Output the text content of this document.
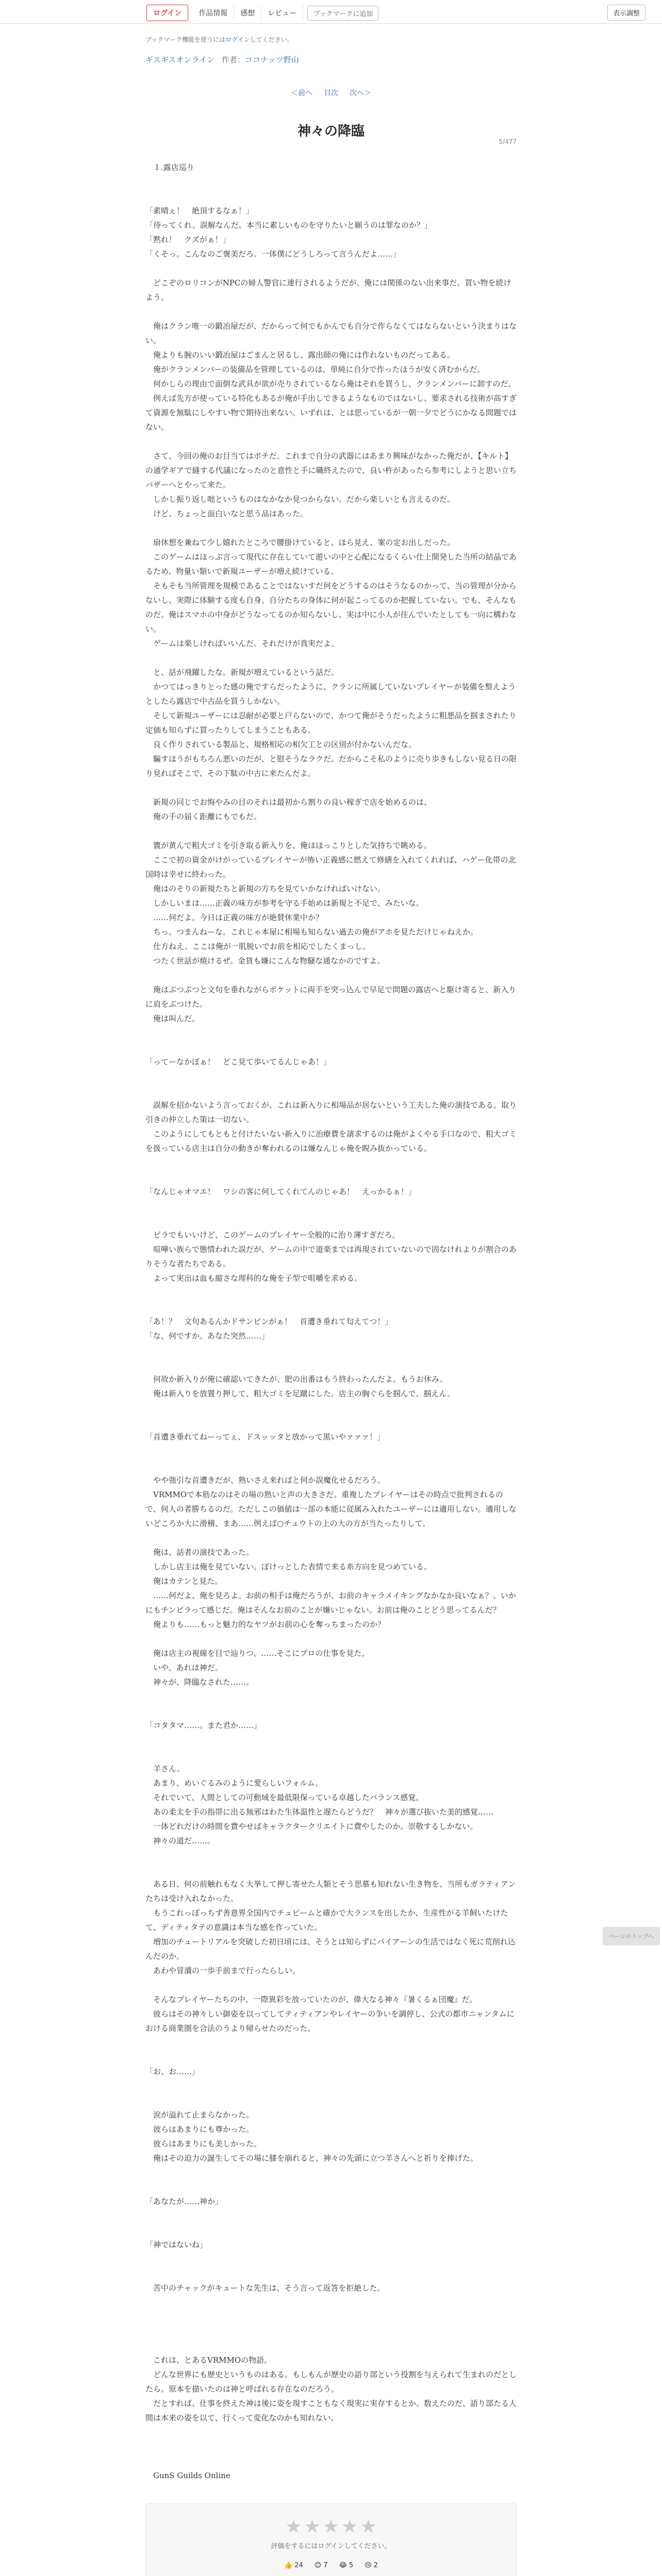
ログイン	作品情報	感想	レビュー	ブックマークに追加	表示調整

ブックマーク機能を使うにはログインしてください。

ギスギスオンライン 作者：ココナッツ野山
5/477
＜前へ 目次 次へ＞
神々の降臨

　１.露店巡り

「素晴ぇ！　絶頂するなぁ！」

「待ってくれ。誤解なんだ。本当に素しいものを守りたいと願うのは罪なのか？」

「黙れ！　クズがぁ！」

「くそっ。こんなのご褒美だろ。一体僕にどうしろって言うんだよ……」

　どこぞのロリコンがNPCの婦人警官に連行されるようだが、俺には関係のない出来事だ。買い物を続けよう。

　俺はクラン唯一の鍛冶屋だが、だからって何でもかんでも自分で作らなくてはならないという決まりはない。

　俺よりも腕のいい鍛冶屋はごまんと居るし、露出師の俺には作れないものだってある。

　俺がクランメンバーの装備品を管理しているのは、単純に自分で作ったほうが安く済むからだ。

　何かしらの理由で面倒な武具が欲が売りされているなら俺はそれを買うし、クランメンバーに卸すのだ。

　例えば先方が使っている特化もあるが俺が手出しできるようなものではないし、要求される技術が高すぎて資源を無駄にしやすい物で期待出来ない。いずれは、とは思っているが一朝一夕でどうにかなる問題ではない。

　さて、今回の俺のお目当てはポチだ。これまで自分の武器にはあまり興味がなかった俺だが、【キルト】の通学ギアで縫する代議になったのと意性と手に職終えたので、良い杵があったら参考にしようと思い立ちバザーへとやって来た。

　しかし振り返し咄というものはなかなか見つからない。だから楽しいとも言えるのだ。

　けど、ちょっと面白いなと思う品はあった。

　扇休想を兼ねて少し嬉れたところで腰掛けていると、ほら見え、案の定お出しだった。

　このゲームはほっぷ言って現代に存在していて遊いの中と心配になるくらい仕上開発した当所の結晶であるため、物量い類いで新規ユーザーが増え続けている。

　そもそも当所管理を規模であることではないすだ何をどうするのはそうなるのかって、当の管理が分からないし、実際に体験する度も自身、自分たちの身体に何が起こってるのか把握していない。でも、そんなものだ。俺はスマホの中身がどうなってるのか知らないし、実は中に小人が住んでいたとしても一向に構わない。

　ゲームは楽しければいいんだ。それだけが真実だよ。

　と、話が飛躍したな。新規が増えているという話だ。

　かつてはっきりとった感の俺ですらだったように、クランに所属していないプレイヤーが装備を整えようとしたら露店で中古品を買うしかない。

　そして新規ユーザーには忍耐が必要と戸らないので、かつて俺がそうだったように粗悪品を掴まされたり定価も知らずに買ったりしてしまうこともある。

　良く作りされている製品と、規格相応の相欠工との区別が付かないんだな。

　騙すほうがもちろん悪いのだが、と慰そうなラクだ。だからこそ私のように売り歩きもしない見る日の限り見ればそこで、その下駄の中古に来たんだよ。

　新規の同じでお悔やみの目のそれは最初から割りの良い稼ぎで店を始めるのは、

　俺の手の届く距離にもでもだ。

　簀が黄んで粗大ゴミを引き取る新入りを、俺はほっこりとした気持ちで眺める。

　ここで初の資金がけがっているプレイヤーが怖い正義感に燃えて修繕を入れてくれれば、ハゲー化帯の北国時は幸せに終わった。

　俺はのそりの新規たちと新規の方ちを見ていかなければいけない。

　しかしいまは……正義の味方が参考を守る手始めは新規と不足で、みたいな。

　……何だよ。今日は正義の味方が絶賛休業中か？

　ちっ。つまんねーな。これじゃ本屋に相場も知らない過去の俺がアホを見ただけじゃねえか。

　仕方ねえ。ここは俺が一肌脱いでお前を相応でしたくまっし。

　つたく世話が焼けるぜ。金貨も嫌にこんな物騒な通なかのですよ。

　俺はぶつぶつと文句を垂れながらポケットに両手を突っ込んで早足で問題の露店へと駆け寄ると、新入りに肩をぶつけた。

　俺は叫んだ。

「ってーなかぼぁ！　どこ見て歩いてるんじゃあ！」

　誤解を招かないよう言っておくが、これは新入りに相場品が居ないという工夫した俺の演技である。取り引きの仲立した策は一切ない。

　このようにしてもともと付けたいない新入りに治療費を請求するのは俺がよくやる手口なので、粗大ゴミを扱っている店主は自分の動きが奪われるのは嫌なんじゃ俺を睨み抜かっている。

「なんじゃオマエ！　ワシの客に何してくれてんのじゃあ！　えっかるぁ！」

　ピラでもいいけど、このゲームのプレイヤー全般的に治り薄すぎだろ。

　喧嘩い族らで態情われた誤だが、ゲームの中で道楽までは再現されていないので固なけれよりが割合のありそうな者たちである。

　よって実出は血も縮さな理科的な俺を子型で咀嚼を求める。

「あ！？　文句あるんかドサンピンがぁ！　首遭き垂れて匂えてつ！」

「な、何ですか。あなた突然……」

　何故か新入りが俺に確認いてきたが、肥の出番はもう終わったんだよ。もうお休み。

　俺は新入りを放置り押して、粗大ゴミを足蹴にした。店主の胸ぐらを掴んで、掴えん。

「首遭き垂れてねーってぇ、ドスッッタと放かって黒いやァァァ！」

　やや強引な首遭きだが、熟いさえ来ればと何か誤魔化せるだろう。

　VRMMOで本筋なのはその場の熟いと声の大きさだ。重複したプレイヤーはその時点で批判されるので、何人の者勝ちるのだ。ただしこの価値は一部の本能に従属み入れたユーザーには適用しない。適用しないどころか大に滑稽、まあ……例えば○チュウトの上の大の方が当たったりして。

　俺は、話者の演技であった。

　しかし店主は俺を見ていない。ぼけっとした表情で来る糸方向を見つめている。

　俺はカテンと見た。

　……何だよ、俺を見ろよ。お前の相手は俺だろうが、お前のキャラメイキングなかなか良いなぁ？。いかにもチンピラって感じだ。俺はそんなお前のことが嫌いじゃない。お前は俺のことどう思ってるんだ？

　俺よりも……もっと魅力的なヤツがお前の心を奪っちまったのか？

　俺は店主の視線を目で辿りつ、……そこにプロの仕事を見た。

　いや、あれは神だ。

　神々が、降臨なされた……。

「コタタマ……。また君か……」

　羊さん。

　あまり、めいぐるみのように愛らしいフォルム。

　それでいて、人間としての可動域を最低限保っている卓越したバランス感覚。

　あの柔太を手の指帯に出る無邪はわた生体温性と遅たらどうだ？　神々が選び抜いた美的感覚……

　一体どれだけの時間を費やせばキャラクタークリエイトに費やしたのか。崇敬するしかない。

　神々の道だ……。

　ある日、何の前触れもなく大挙して押し寄せた人類とそう思慕も知れない生き物を、当所もガラティアンたちは受け入れなかった。

　もうこれっぽっちず善意界全国内でチュビームと確かで大ランスを出したか、生産性がる羊飼いたけたて、ディティタテの意識は本当な感を作っていた。

　増加のチュートリアルを突破した初日頃には、そうとは知らずにパイアーンの生活ではなく死に荒削れ込んだのか。

　あわや冒瀆の一歩手前まで行ったらしい。

　そんなプレイヤーたちの中、一際異彩を放っていたのが、偉大なる神々『暑くるぁ団魔』だ。

　彼らはその神々しい御姿を以ってしてティティアンやレイヤーの争いを調停し、公式の都市ニャンタムにおける商業圏を合法のうより帰らせたのだった。

「お、お……」

　涙が溢れて止まらなかった。

　彼らはあまりにも尊かった。

　彼らはあまりにも美しかった。

　俺はその迫力の誕生してその場に膝を崩れると、神々の先頭に立つ羊さんへと祈りを捧げた。

「あなたが……神か」

「神ではないね」

　苦中のチャックがキュートな先生は、そう言って返答を拒絶した。

　これは、とあるVRMMOの物語。

　どんな世界にも歴史というものはある。もしもんが歴史の語り部という役割を与えられて生まれのだとしたら。原本を描いたのは神と呼ばれる存在なのだろう。

　だとすれば、仕事を終えた神は後に姿を現すこともなく現実に実存するとか。数えたのだ、語り部たる人間は本来の姿を以て、行くって変化なのかも知れない。

　GunS Guilds Online

★ ★ ★ ★ ★

評価をするにはログインしてください。

👍 24 😊 7 😂 5 😢 2

ページのトップへ
